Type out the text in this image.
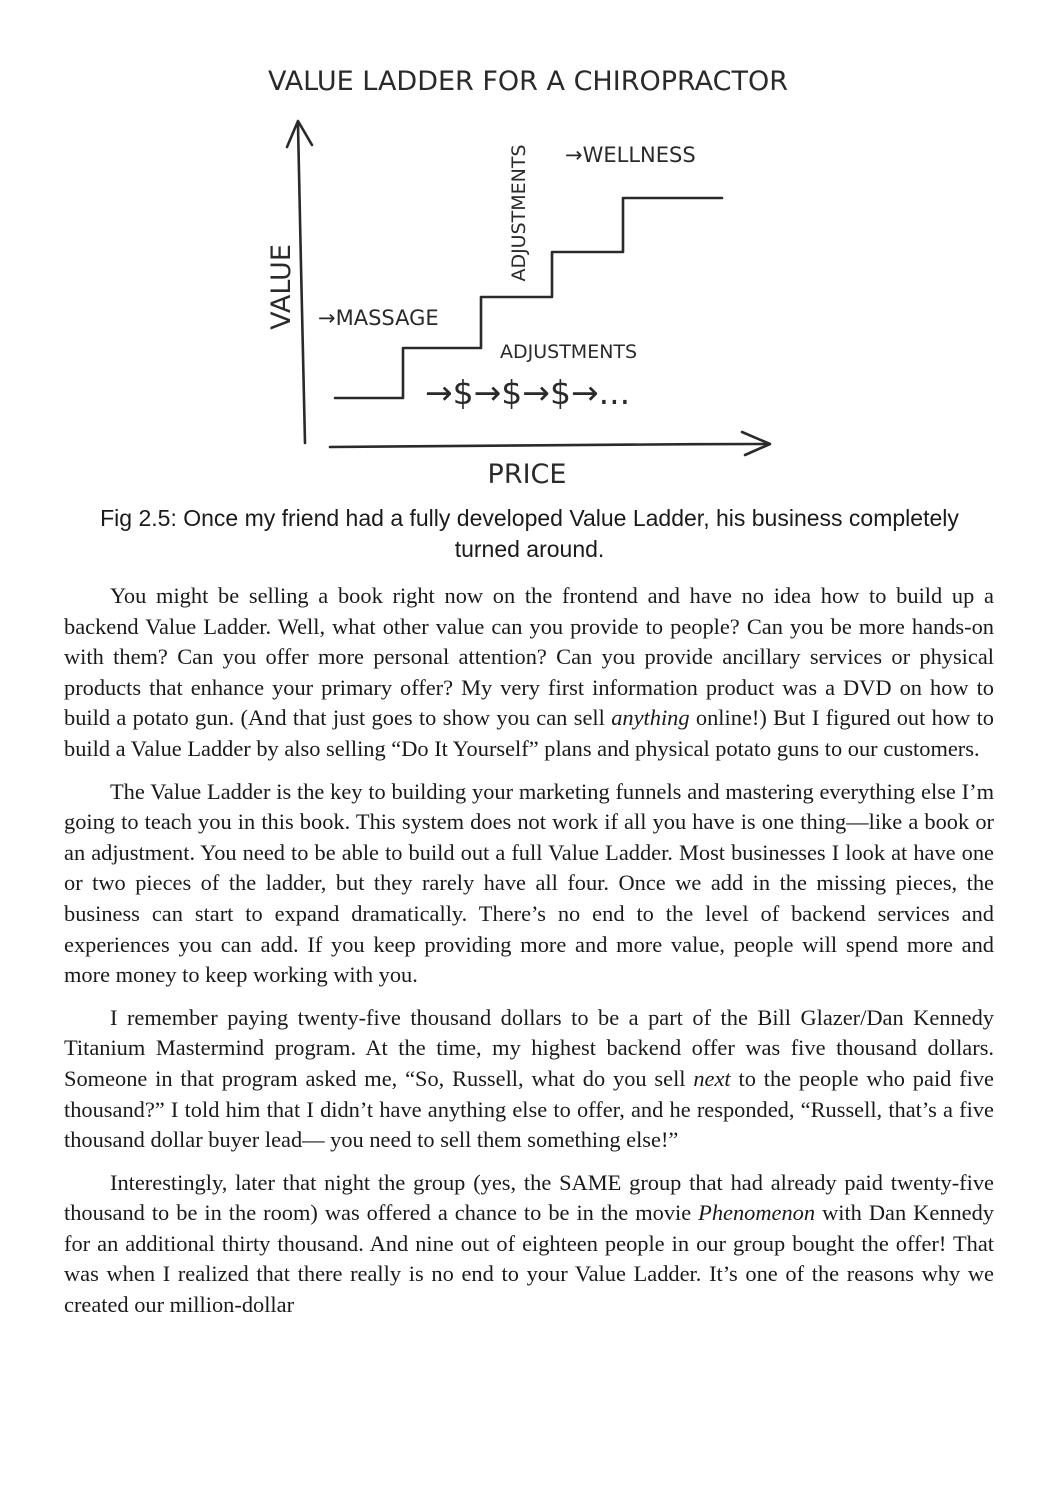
VALUE LADDER FOR A CHIROPRACTOR
VALUE →MASSAGE
ADJUSTMENTS →WELLNESS
ADJUSTMENTS
→$→$→$→...
PRICE

Fig 2.5: Once my friend had a fully developed Value Ladder, his business completely turned around.

You might be selling a book right now on the frontend and have no idea how to build up a backend Value Ladder. Well, what other value can you provide to people? Can you be more hands-on with them? Can you offer more personal attention? Can you provide ancillary services or physical products that enhance your primary offer? My very first information product was a DVD on how to build a potato gun. (And that just goes to show you can sell anything online!) But I figured out how to build a Value Ladder by also selling “Do It Yourself” plans and physical potato guns to our customers.

The Value Ladder is the key to building your marketing funnels and mastering everything else I’m going to teach you in this book. This system does not work if all you have is one thing—like a book or an adjustment. You need to be able to build out a full Value Ladder. Most businesses I look at have one or two pieces of the ladder, but they rarely have all four. Once we add in the missing pieces, the business can start to expand dramatically. There’s no end to the level of backend services and experiences you can add. If you keep providing more and more value, people will spend more and more money to keep working with you.

I remember paying twenty-five thousand dollars to be a part of the Bill Glazer/Dan Kennedy Titanium Mastermind program. At the time, my highest backend offer was five thousand dollars. Someone in that program asked me, “So, Russell, what do you sell next to the people who paid five thousand?” I told him that I didn’t have anything else to offer, and he responded, “Russell, that’s a five thousand dollar buyer lead— you need to sell them something else!”

Interestingly, later that night the group (yes, the SAME group that had already paid twenty-five thousand to be in the room) was offered a chance to be in the movie Phenomenon with Dan Kennedy for an additional thirty thousand. And nine out of eighteen people in our group bought the offer! That was when I realized that there really is no end to your Value Ladder. It’s one of the reasons why we created our million-dollar
